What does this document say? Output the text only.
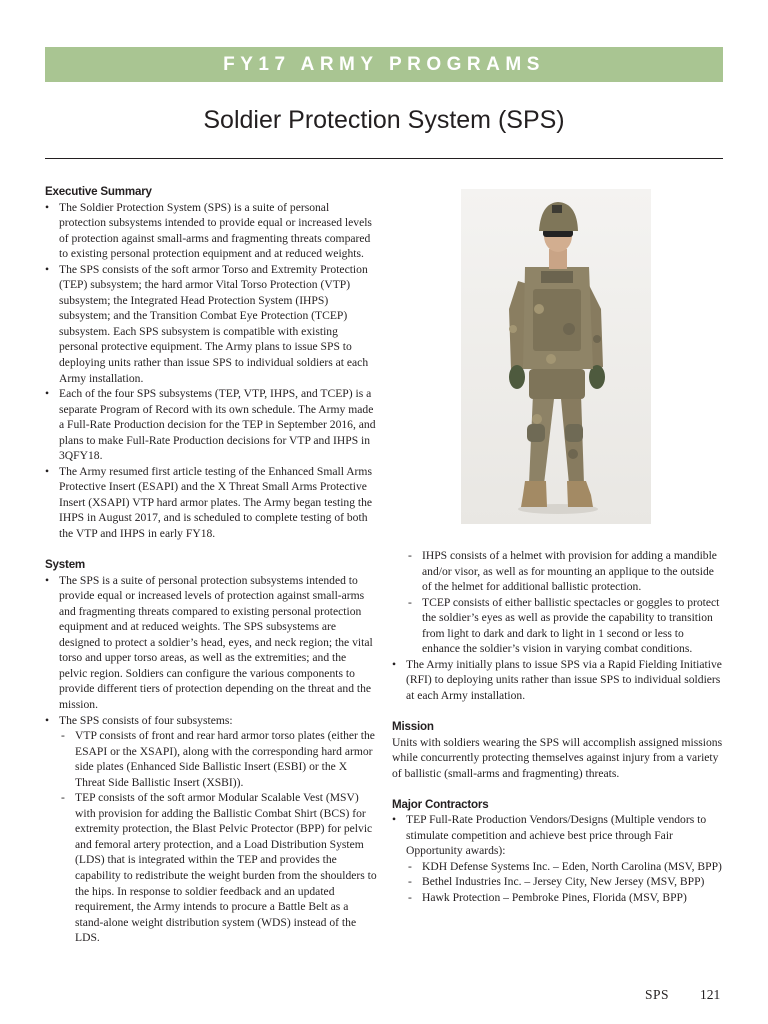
FY17 ARMY PROGRAMS
Soldier Protection System (SPS)
Executive Summary
• The Soldier Protection System (SPS) is a suite of personal protection subsystems intended to provide equal or increased levels of protection against small-arms and fragmenting threats compared to existing personal protection equipment and at reduced weights.
• The SPS consists of the soft armor Torso and Extremity Protection (TEP) subsystem; the hard armor Vital Torso Protection (VTP) subsystem; the Integrated Head Protection System (IHPS) subsystem; and the Transition Combat Eye Protection (TCEP) subsystem. Each SPS subsystem is compatible with existing personal protective equipment. The Army plans to issue SPS to deploying units rather than issue SPS to individual soldiers at each Army installation.
• Each of the four SPS subsystems (TEP, VTP, IHPS, and TCEP) is a separate Program of Record with its own schedule. The Army made a Full-Rate Production decision for the TEP in September 2016, and plans to make Full-Rate Production decisions for VTP and IHPS in 3QFY18.
• The Army resumed first article testing of the Enhanced Small Arms Protective Insert (ESAPI) and the X Threat Small Arms Protective Insert (XSAPI) VTP hard armor plates. The Army began testing the IHPS in August 2017, and is scheduled to complete testing of both the VTP and IHPS in early FY18.
System
• The SPS is a suite of personal protection subsystems intended to provide equal or increased levels of protection against small-arms and fragmenting threats compared to existing personal protection equipment and at reduced weights. The SPS subsystems are designed to protect a soldier’s head, eyes, and neck region; the vital torso and upper torso areas, as well as the extremities; and the pelvic region. Soldiers can configure the various components to provide different tiers of protection depending on the threat and the mission.
• The SPS consists of four subsystems:
- VTP consists of front and rear hard armor torso plates (either the ESAPI or the XSAPI), along with the corresponding hard armor side plates (Enhanced Side Ballistic Insert (ESBI) or the X Threat Side Ballistic Insert (XSBI)).
- TEP consists of the soft armor Modular Scalable Vest (MSV) with provision for adding the Ballistic Combat Shirt (BCS) for extremity protection, the Blast Pelvic Protector (BPP) for pelvic and femoral artery protection, and a Load Distribution System (LDS) that is integrated within the TEP and provides the capability to redistribute the weight burden from the shoulders to the hips. In response to soldier feedback and an updated requirement, the Army intends to procure a Battle Belt as a stand-alone weight distribution system (WDS) instead of the LDS.
- IHPS consists of a helmet with provision for adding a mandible and/or visor, as well as for mounting an applique to the outside of the helmet for additional ballistic protection.
- TCEP consists of either ballistic spectacles or goggles to protect the soldier’s eyes as well as provide the capability to transition from light to dark and dark to light in 1 second or less to enhance the soldier’s vision in varying combat conditions.
• The Army initially plans to issue SPS via a Rapid Fielding Initiative (RFI) to deploying units rather than issue SPS to individual soldiers at each Army installation.
Mission

Units with soldiers wearing the SPS will accomplish assigned missions while concurrently protecting themselves against injury from a variety of ballistic (small-arms and fragmenting) threats.

Major Contractors
• TEP Full-Rate Production Vendors/Designs (Multiple vendors to stimulate competition and achieve best price through Fair Opportunity awards):
- KDH Defense Systems Inc. – Eden, North Carolina (MSV, BPP)
- Bethel Industries Inc. – Jersey City, New Jersey (MSV, BPP)
- Hawk Protection – Pembroke Pines, Florida (MSV, BPP)
SPS 121
